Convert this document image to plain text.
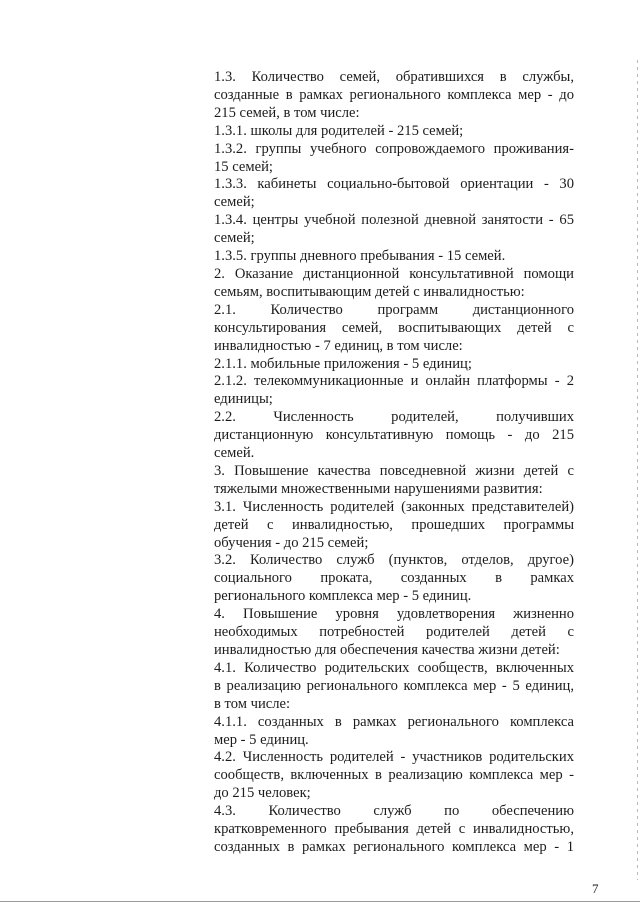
1.3. Количество семей, обратившихся в службы,
созданные в рамках регионального комплекса мер - до
215 семей, в том числе:
1.3.1. школы для родителей - 215 семей;
1.3.2. группы учебного сопровождаемого проживания-
15 семей;
1.3.3. кабинеты социально-бытовой ориентации - 30
семей;
1.3.4. центры учебной полезной дневной занятости - 65
семей;
1.3.5. группы дневного пребывания - 15 семей.
2. Оказание дистанционной консультативной помощи
семьям, воспитывающим детей с инвалидностью:
2.1. Количество программ дистанционного
консультирования семей, воспитывающих детей с
инвалидностью - 7 единиц, в том числе:
2.1.1. мобильные приложения - 5 единиц;
2.1.2. телекоммуникационные и онлайн платформы - 2
единицы;
2.2. Численность родителей, получивших
дистанционную консультативную помощь - до 215
семей.
3. Повышение качества повседневной жизни детей с
тяжелыми множественными нарушениями развития:
3.1. Численность родителей (законных представителей)
детей с инвалидностью, прошедших программы
обучения - до 215 семей;
3.2. Количество служб (пунктов, отделов, другое)
социального проката, созданных в рамках
регионального комплекса мер - 5 единиц.
4. Повышение уровня удовлетворения жизненно
необходимых потребностей родителей детей с
инвалидностью для обеспечения качества жизни детей:
4.1. Количество родительских сообществ, включенных
в реализацию регионального комплекса мер - 5 единиц,
в том числе:
4.1.1. созданных в рамках регионального комплекса
мер - 5 единиц.
4.2. Численность родителей - участников родительских
сообществ, включенных в реализацию комплекса мер -
до 215 человек;
4.3. Количество служб по обеспечению
кратковременного пребывания детей с инвалидностью,
созданных в рамках регионального комплекса мер - 1
7
